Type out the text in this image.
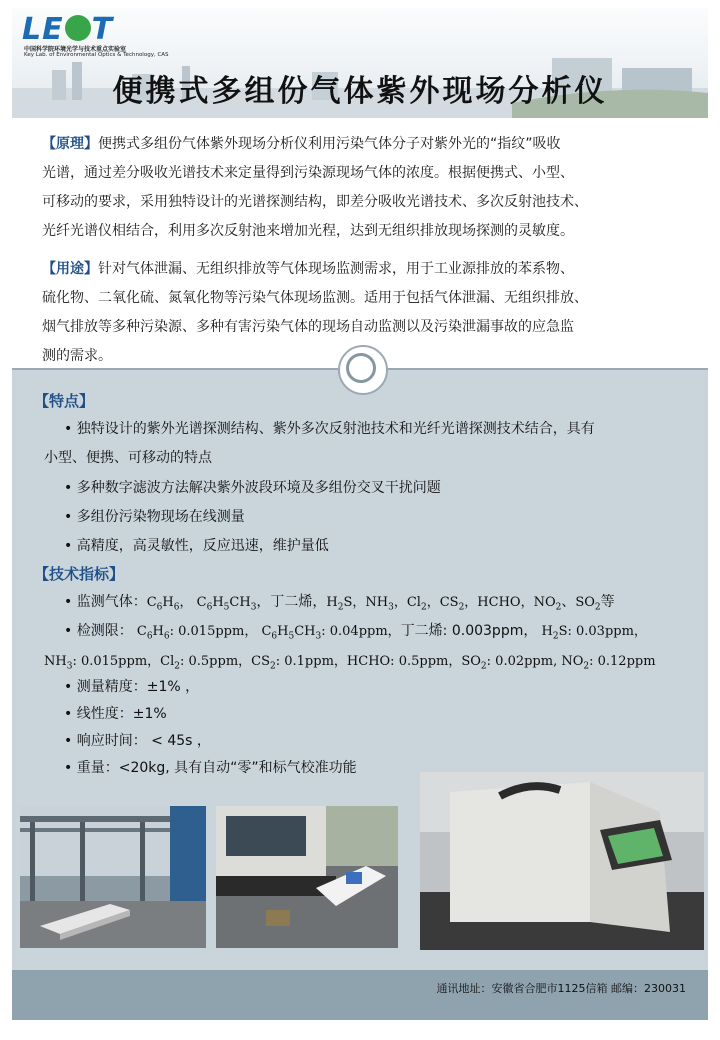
LE T
中国科学院环境光学与技术重点实验室
Key Lab. of Environmental Optics & Technology, CAS
便携式多组份气体紫外现场分析仪

【原理】便携式多组份气体紫外现场分析仪利用污染气体分子对紫外光的“指纹”吸收

光谱，通过差分吸收光谱技术来定量得到污染源现场气体的浓度。根据便携式、小型、

可移动的要求，采用独特设计的光谱探测结构，即差分吸收光谱技术、多次反射池技术、

光纤光谱仪相结合，利用多次反射池来增加光程，达到无组织排放现场探测的灵敏度。

【用途】针对气体泄漏、无组织排放等气体现场监测需求，用于工业源排放的苯系物、

硫化物、二氧化硫、氮氧化物等污染气体现场监测。适用于包括气体泄漏、无组织排放、

烟气排放等多种污染源、多种有害污染气体的现场自动监测以及污染泄漏事故的应急监

测的需求。

【特点】
• 独特设计的紫外光谱探测结构、紫外多次反射池技术和光纤光谱探测技术结合，具有
小型、便携、可移动的特点
• 多种数字滤波方法解决紫外波段环境及多组份交叉干扰问题
• 多组份污染物现场在线测量
• 高精度，高灵敏性，反应迅速，维护量低
【技术指标】
• 监测气体：$C_6H_6$， $C_6H_5CH_3$，丁二烯，$H_2S$，$NH_3$，$Cl_2$，$CS_2$，HCHO，$NO_2$、$SO_2$等
• 检测限： $C_6H_6$: 0.015ppm， $C_6H_5CH_3$: 0.04ppm，丁二烯: 0.003ppm， $H_2S$: 0.03ppm，
$NH_3$: 0.015ppm，$Cl_2$: 0.5ppm，$CS_2$: 0.1ppm，HCHO: 0.5ppm，$SO_2$: 0.02ppm, $NO_2$: 0.12ppm
• 测量精度：±1% ，
• 线性度：±1%
• 响应时间： < 45s ，
• 重量：<20kg, 具有自动“零”和标气校准功能
通讯地址：安徽省合肥市1125信箱 邮编：230031
